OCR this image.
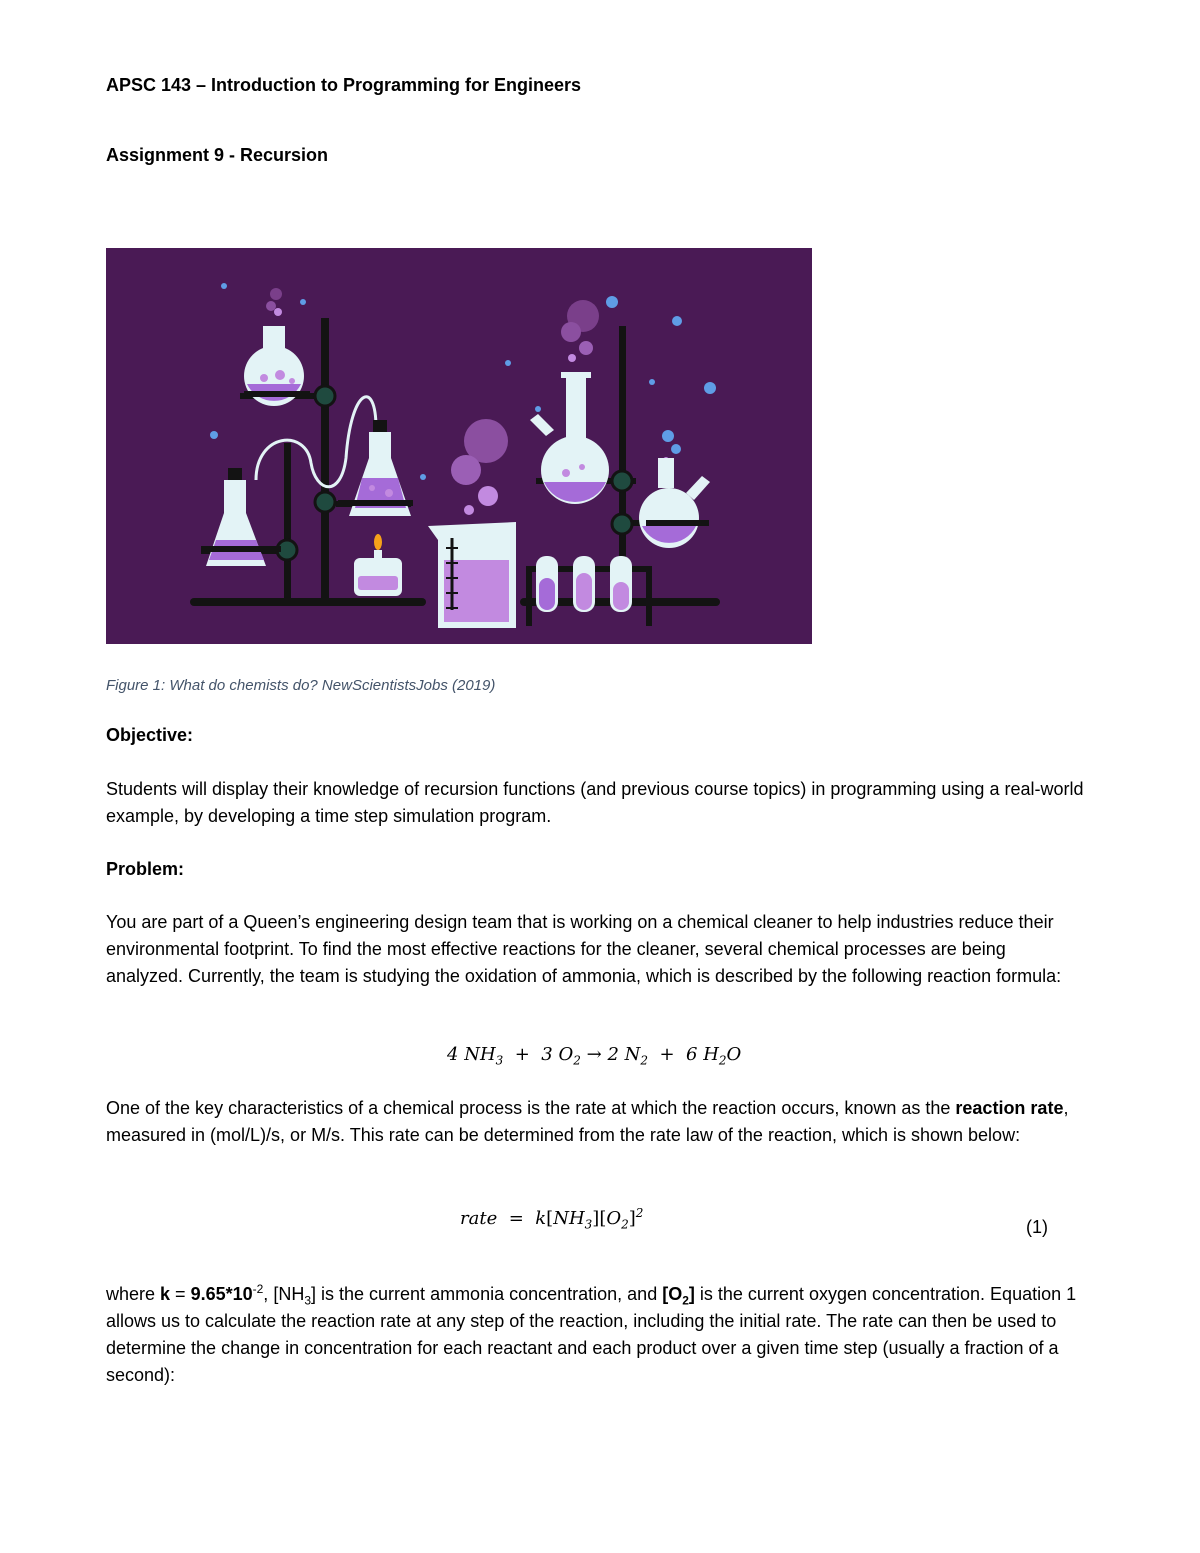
APSC 143 – Introduction to Programming for Engineers

Assignment 9 - Recursion

Figure 1: What do chemists do? NewScientistsJobs (2019)

Objective:

Students will display their knowledge of recursion functions (and previous course topics) in programming using a real-world example, by developing a time step simulation program.

Problem:

You are part of a Queen’s engineering design team that is working on a chemical cleaner to help industries reduce their environmental footprint. To find the most effective reactions for the cleaner, several chemical processes are being analyzed. Currently, the team is studying the oxidation of ammonia, which is described by the following reaction formula:

4 $NH_3 + 3$ $O_2 \to 2$ $N_2 + 6$ $H_2O$

One of the key characteristics of a chemical process is the rate at which the reaction occurs, known as the reaction rate, measured in (mol/L)/s, or M/s. This rate can be determined from the rate law of the reaction, which is shown below:

rate = $k[NH_3][O_2]^2$
(1)

where $k = 9.65*10^{-2}$, $[NH_3]$ is the current ammonia concentration, and $[O_2]$ is the current oxygen concentration. Equation 1 allows us to calculate the reaction rate at any step of the reaction, including the initial rate. The rate can then be used to determine the change in concentration for each reactant and each product over a given time step (usually a fraction of a second):
